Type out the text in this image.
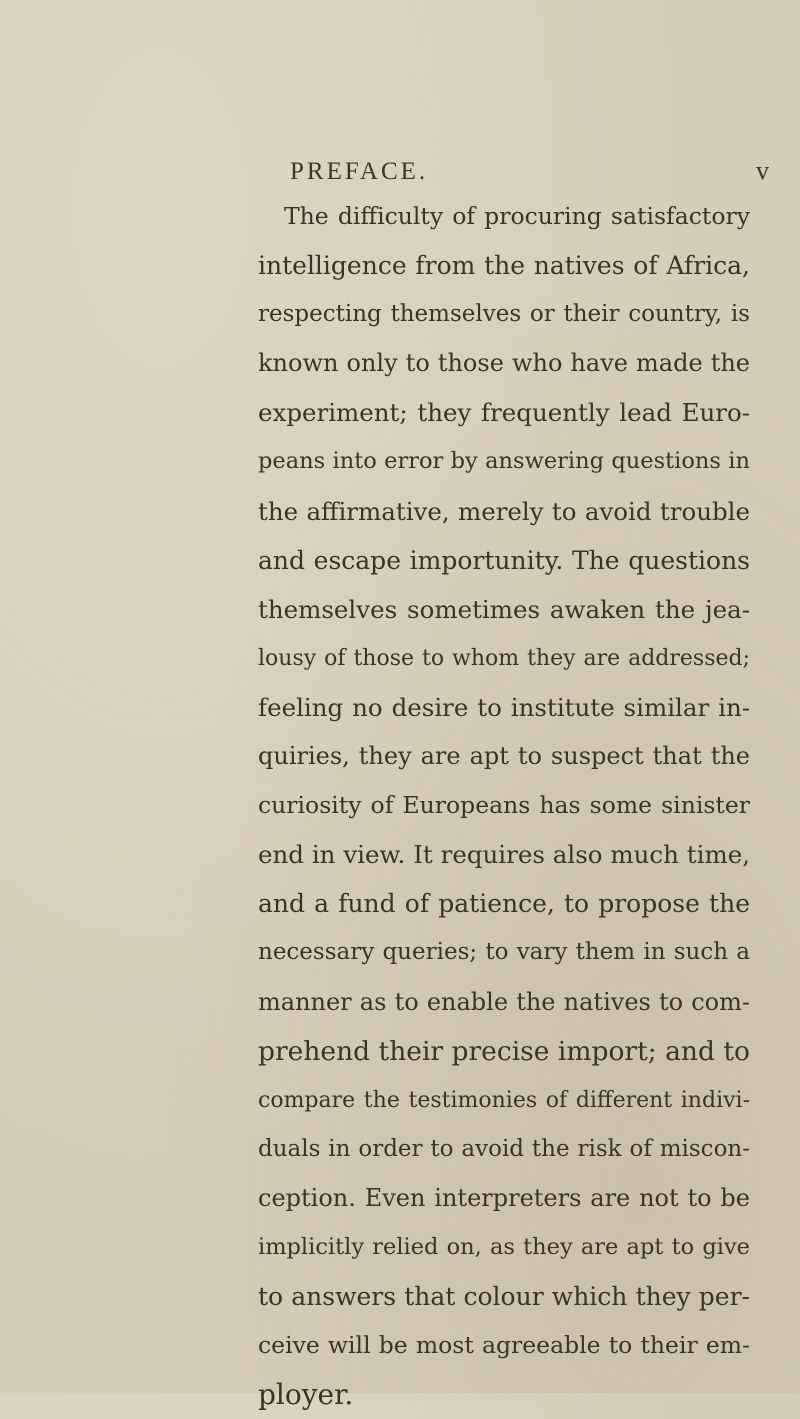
PREFACE.	v
The difficulty of procuring satisfactory
intelligence from the natives of Africa,
respecting themselves or their country, is
known only to those who have made the
experiment; they frequently lead Euro-
peans into error by answering questions in
the affirmative, merely to avoid trouble
and escape importunity. The questions
themselves sometimes awaken the jea-
lousy of those to whom they are addressed;
feeling no desire to institute similar in-
quiries, they are apt to suspect that the
curiosity of Europeans has some sinister
end in view. It requires also much time,
and a fund of patience, to propose the
necessary queries; to vary them in such a
manner as to enable the natives to com-
prehend their precise import; and to
compare the testimonies of different indivi-
duals in order to avoid the risk of miscon-
ception. Even interpreters are not to be
implicitly relied on, as they are apt to give
to answers that colour which they per-
ceive will be most agreeable to their em-
ployer.
